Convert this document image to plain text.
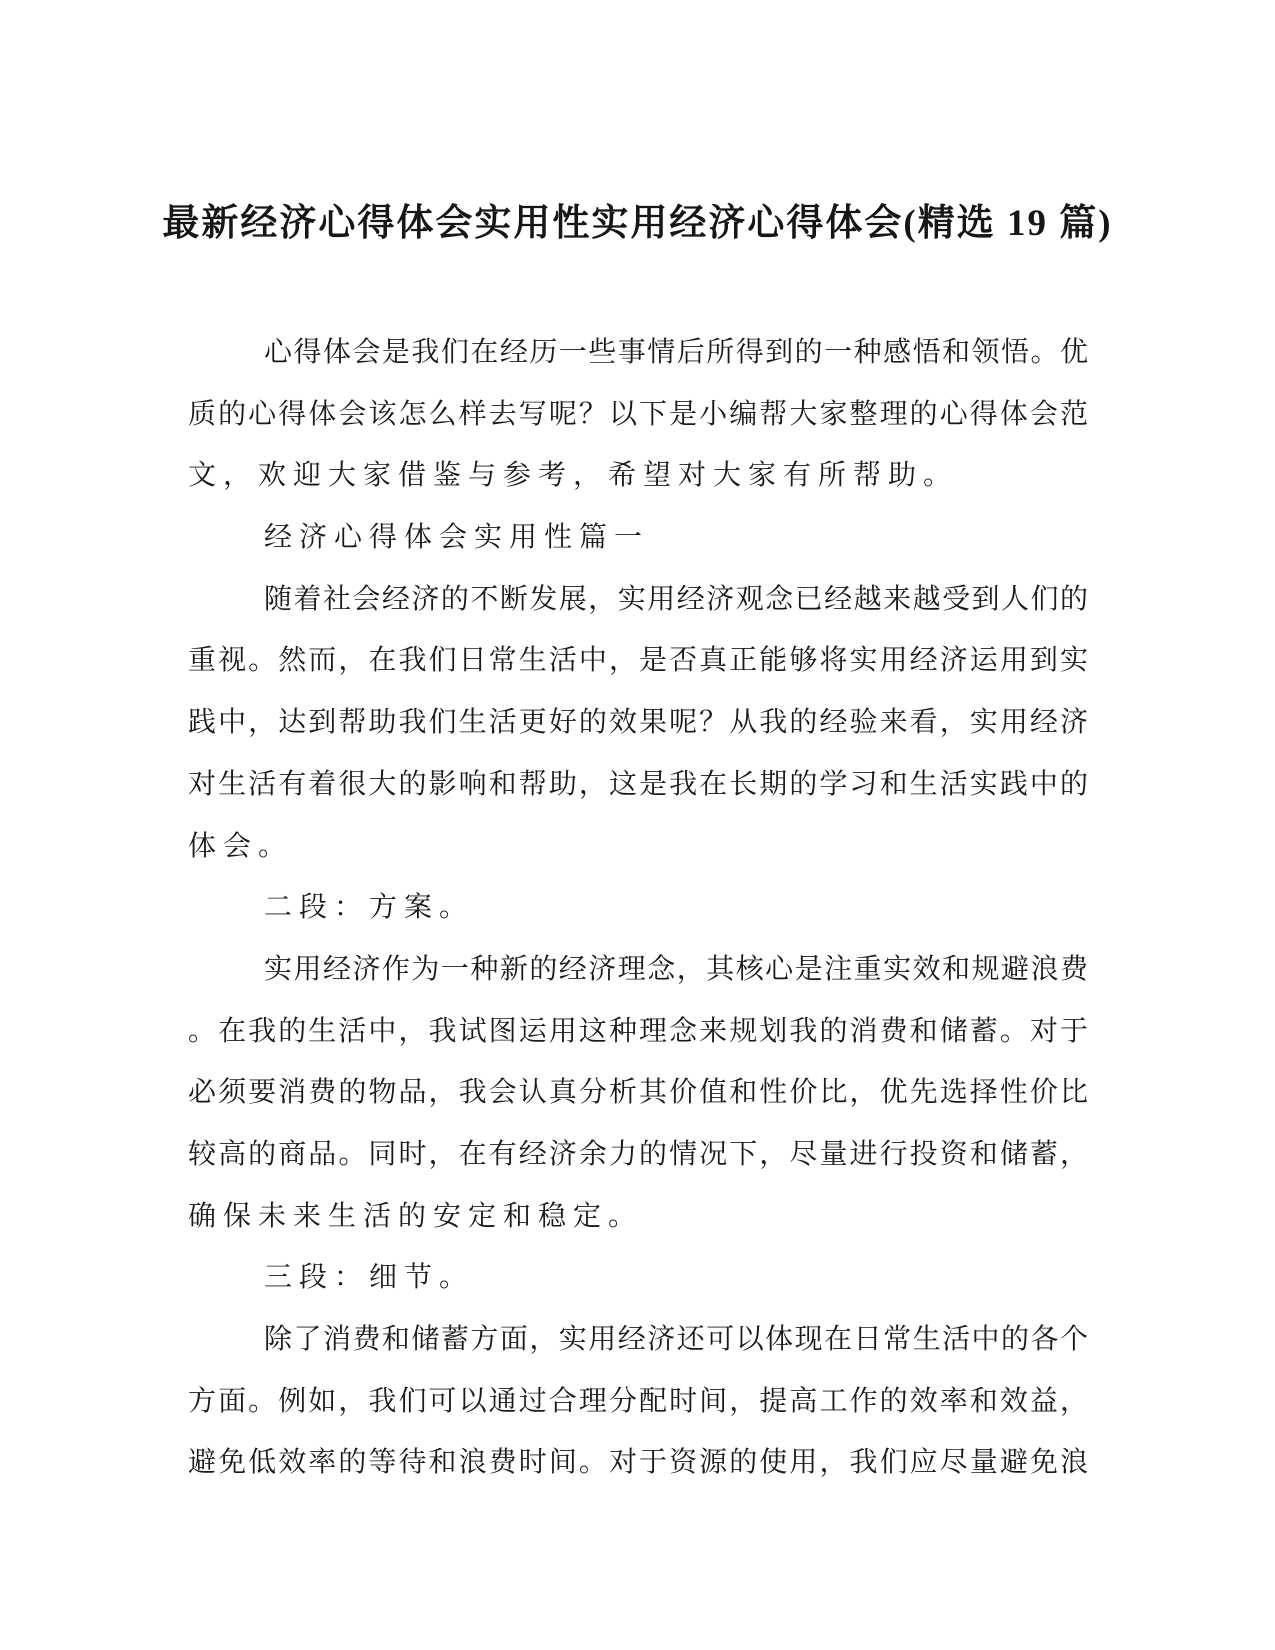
最新经济心得体会实用性实用经济心得体会(精选 19 篇)
心得体会是我们在经历一些事情后所得到的一种感悟和领悟。优
质的心得体会该怎么样去写呢？以下是小编帮大家整理的心得体会范
文，欢迎大家借鉴与参考，希望对大家有所帮助。
经济心得体会实用性篇一
随着社会经济的不断发展，实用经济观念已经越来越受到人们的
重视。然而，在我们日常生活中，是否真正能够将实用经济运用到实
践中，达到帮助我们生活更好的效果呢？从我的经验来看，实用经济
对生活有着很大的影响和帮助，这是我在长期的学习和生活实践中的
体会。
二段：方案。
实用经济作为一种新的经济理念，其核心是注重实效和规避浪费
。在我的生活中，我试图运用这种理念来规划我的消费和储蓄。对于
必须要消费的物品，我会认真分析其价值和性价比，优先选择性价比
较高的商品。同时，在有经济余力的情况下，尽量进行投资和储蓄，
确保未来生活的安定和稳定。
三段：细节。
除了消费和储蓄方面，实用经济还可以体现在日常生活中的各个
方面。例如，我们可以通过合理分配时间，提高工作的效率和效益，
避免低效率的等待和浪费时间。对于资源的使用，我们应尽量避免浪
